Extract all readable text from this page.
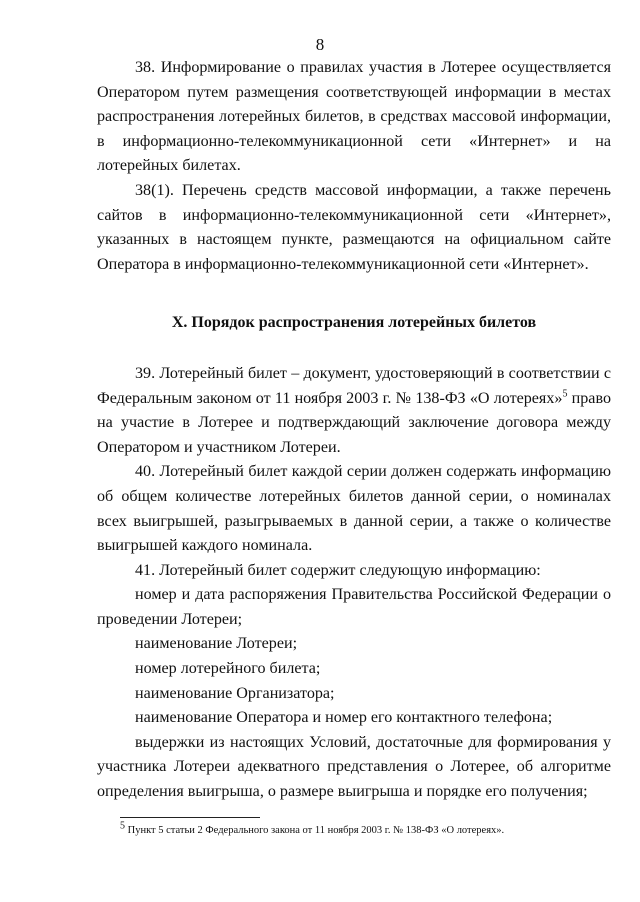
8

38. Информирование о правилах участия в Лотерее осуществляется Оператором путем размещения соответствующей информации в местах распространения лотерейных билетов, в средствах массовой информации, в информационно-телекоммуникационной сети «Интернет» и на лотерейных билетах.

38(1). Перечень средств массовой информации, а также перечень сайтов в информационно-телекоммуникационной сети «Интернет», указанных в настоящем пункте, размещаются на официальном сайте Оператора в информационно-телекоммуникационной сети «Интернет».

X. Порядок распространения лотерейных билетов

39. Лотерейный билет – документ, удостоверяющий в соответствии с Федеральным законом от 11 ноября 2003 г. № 138-ФЗ «О лотереях»$^5$ право на участие в Лотерее и подтверждающий заключение договора между Оператором и участником Лотереи.

40. Лотерейный билет каждой серии должен содержать информацию об общем количестве лотерейных билетов данной серии, о номиналах всех выигрышей, разыгрываемых в данной серии, а также о количестве выигрышей каждого номинала.

41. Лотерейный билет содержит следующую информацию:

номер и дата распоряжения Правительства Российской Федерации о проведении Лотереи;

наименование Лотереи;

номер лотерейного билета;

наименование Организатора;

наименование Оператора и номер его контактного телефона;

выдержки из настоящих Условий, достаточные для формирования у участника Лотереи адекватного представления о Лотерее, об алгоритме определения выигрыша, о размере выигрыша и порядке его получения;

$^5$ Пункт 5 статьи 2 Федерального закона от 11 ноября 2003 г. № 138-ФЗ «О лотереях».
